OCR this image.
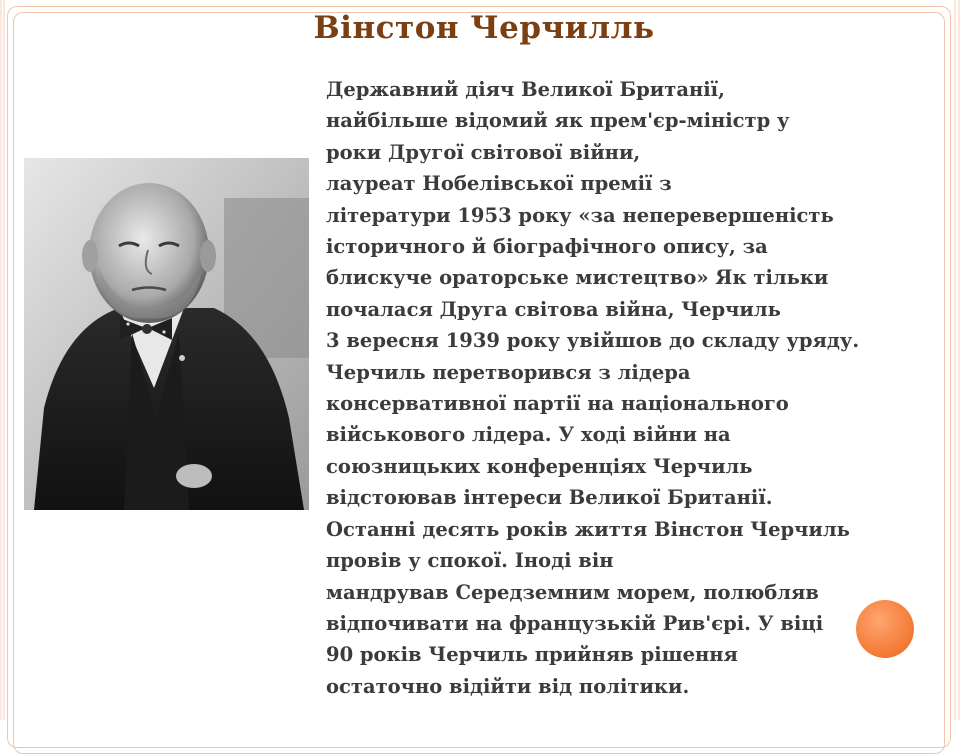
Вінстон Черчилль
Державний діяч Великої Британії,
найбільше відомий як прем'єр-міністр у
роки Другої світової війни,
лауреат Нобелівської премії з
літератури 1953 року «за неперевершеність
історичного й біографічного опису, за
блискуче ораторське мистецтво» Як тільки
почалася Друга світова війна, Черчиль
3 вересня 1939 року увійшов до складу уряду.
Черчиль перетворився з лідера
консервативної партії на національного
військового лідера. У ході війни на
союзницьких конференціях Черчиль
відстоював інтереси Великої Британії.
Останні десять років життя Вінстон Черчиль
провів у спокої. Іноді він
мандрував Середземним морем, полюбляв
відпочивати на французькій Рив'єрі. У віці
90 років Черчиль прийняв рішення
остаточно відійти від політики.
